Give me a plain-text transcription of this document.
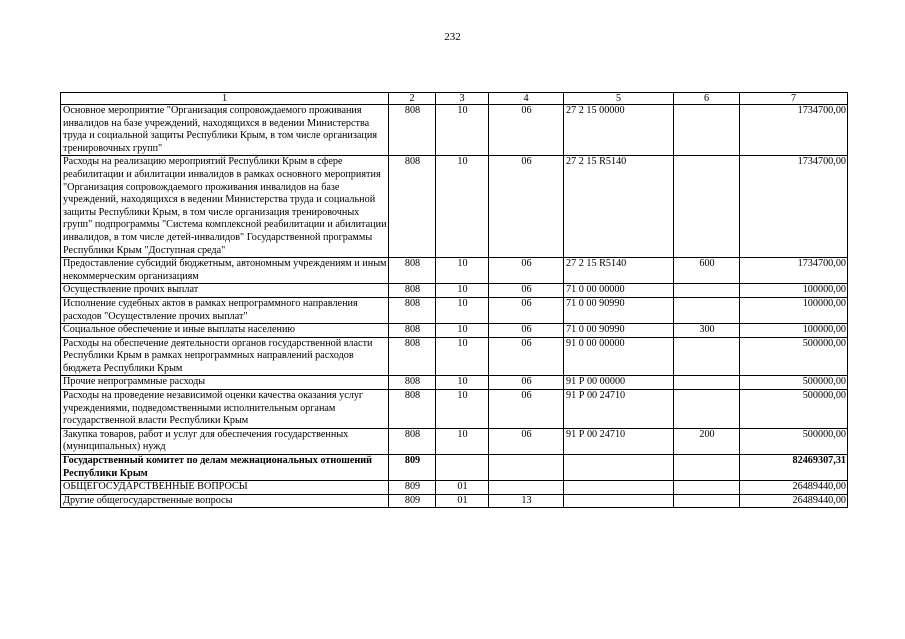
232
1	2	3	4	5	6	7
Основное мероприятие "Организация сопровождаемого проживания инвалидов на базе учреждений, находящихся в ведении Министерства труда и социальной защиты Республики Крым, в том числе организация тренировочных групп"	808	10	06	27 2 15 00000		1734700,00
Расходы на реализацию мероприятий Республики Крым в сфере реабилитации и абилитации инвалидов в рамках основного мероприятия "Организация сопровождаемого проживания инвалидов на базе учреждений, находящихся в ведении Министерства труда и социальной защиты Республики Крым, в том числе организация тренировочных групп" подпрограммы "Система комплексной реабилитации и абилитации инвалидов, в том числе детей-инвалидов" Государственной программы Республики Крым "Доступная среда"	808	10	06	27 2 15 R5140		1734700,00
Предоставление субсидий бюджетным, автономным учреждениям и иным некоммерческим организациям	808	10	06	27 2 15 R5140	600	1734700,00
Осуществление прочих выплат	808	10	06	71 0 00 00000		100000,00
Исполнение судебных актов в рамках непрограммного направления расходов "Осуществление прочих выплат"	808	10	06	71 0 00 90990		100000,00
Социальное обеспечение и иные выплаты населению	808	10	06	71 0 00 90990	300	100000,00
Расходы на обеспечение деятельности органов государственной власти Республики Крым в рамках непрограммных направлений расходов бюджета Республики Крым	808	10	06	91 0 00 00000		500000,00
Прочие непрограммные расходы	808	10	06	91 Р 00 00000		500000,00
Расходы на проведение независимой оценки качества оказания услуг учреждениями, подведомственными исполнительным органам государственной власти Республики Крым	808	10	06	91 Р 00 24710		500000,00
Закупка товаров, работ и услуг для обеспечения государственных (муниципальных) нужд	808	10	06	91 Р 00 24710	200	500000,00
Государственный комитет по делам межнациональных отношений Республики Крым	809					82469307,31
ОБЩЕГОСУДАРСТВЕННЫЕ ВОПРОСЫ	809	01				26489440,00
Другие общегосударственные вопросы	809	01	13			26489440,00
